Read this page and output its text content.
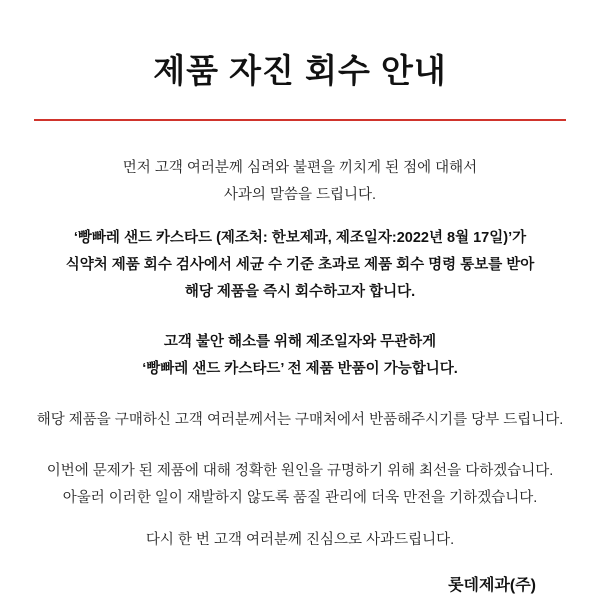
제품 자진 회수 안내

먼저 고객 여러분께 심려와 불편을 끼치게 된 점에 대해서
사과의 말씀을 드립니다.

‘빵빠레 샌드 카스타드 (제조처: 한보제과, 제조일자:2022년 8월 17일)’가
식약처 제품 회수 검사에서 세균 수 기준 초과로 제품 회수 명령 통보를 받아
해당 제품을 즉시 회수하고자 합니다.

고객 불안 해소를 위해 제조일자와 무관하게
‘빵빠레 샌드 카스타드’ 전 제품 반품이 가능합니다.

해당 제품을 구매하신 고객 여러분께서는 구매처에서 반품해주시기를 당부 드립니다.

이번에 문제가 된 제품에 대해 정확한 원인을 규명하기 위해 최선을 다하겠습니다.
아울러 이러한 일이 재발하지 않도록 품질 관리에 더욱 만전을 기하겠습니다.

다시 한 번 고객 여러분께 진심으로 사과드립니다.

롯데제과(주)
